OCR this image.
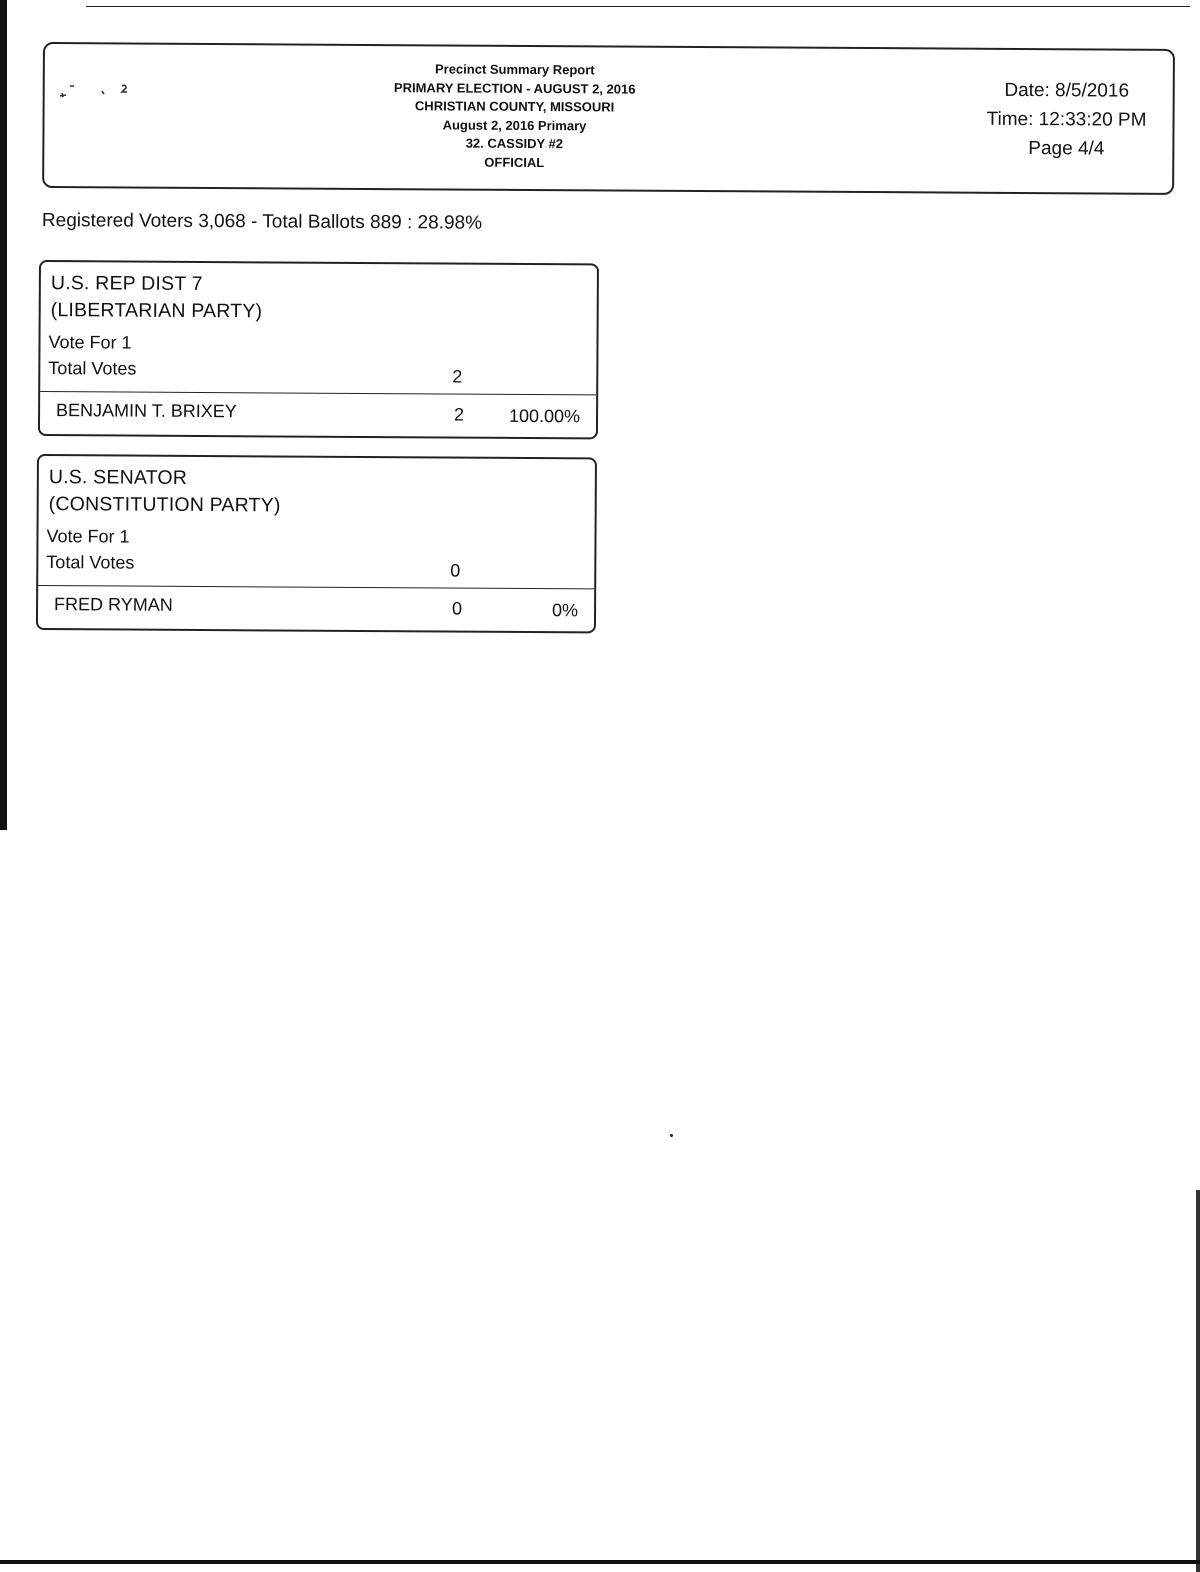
Precinct Summary Report
PRIMARY ELECTION - AUGUST 2, 2016
CHRISTIAN COUNTY, MISSOURI
August 2, 2016 Primary
32. CASSIDY #2
OFFICIAL
Date: 8/5/2016
Time: 12:33:20 PM
Page 4/4
Registered Voters 3,068 - Total Ballots 889 : 28.98%
U.S. REP DIST 7
(LIBERTARIAN PARTY)
Vote For 1
Total Votes	2
BENJAMIN T. BRIXEY	2 100.00%
U.S. SENATOR
(CONSTITUTION PARTY)
Vote For 1
Total Votes	0
FRED RYMAN	0	0%
